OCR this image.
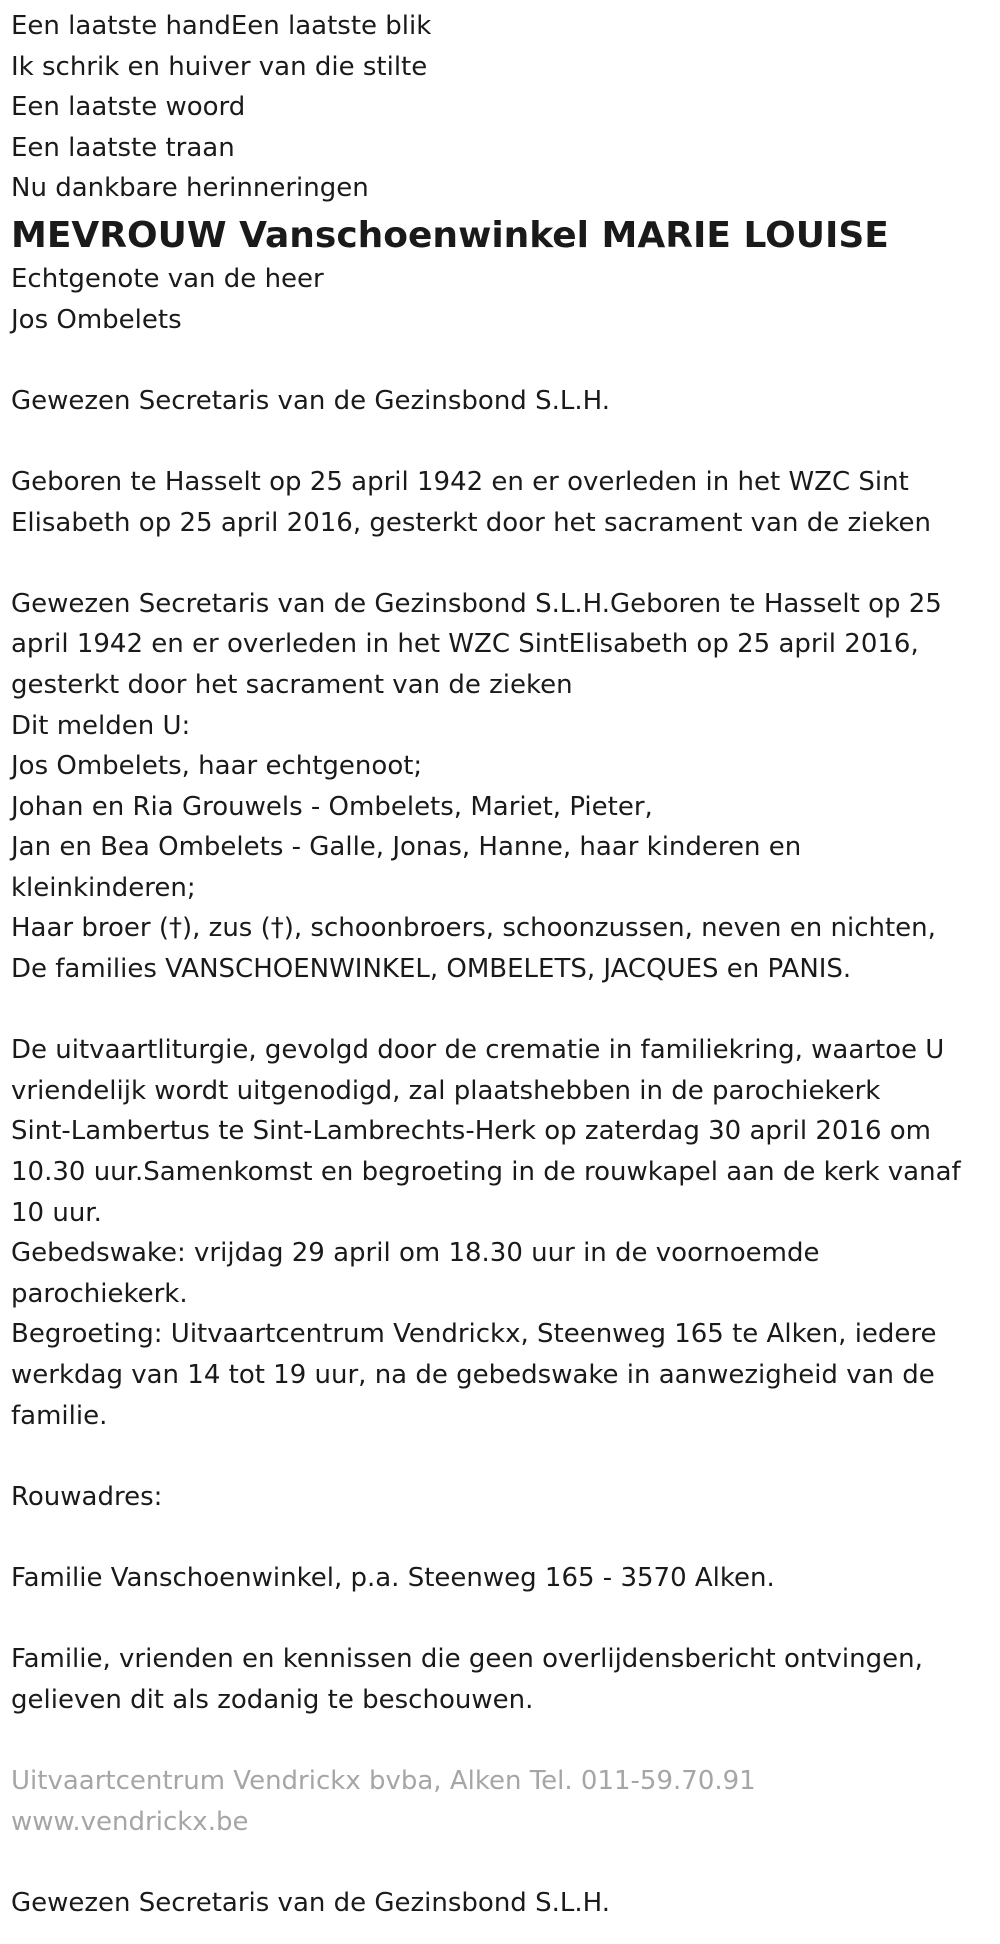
Een laatste handEen laatste blik

Ik schrik en huiver van die stilte

Een laatste woord

Een laatste traan

Nu dankbare herinneringen

MEVROUW Vanschoenwinkel MARIE LOUISE

Echtgenote van de heer

Jos Ombelets

Gewezen Secretaris van de Gezinsbond S.L.H.

Geboren te Hasselt op 25 april 1942 en er overleden in het WZC Sint

Elisabeth op 25 april 2016, gesterkt door het sacrament van de zieken

Gewezen Secretaris van de Gezinsbond S.L.H.Geboren te Hasselt op 25

april 1942 en er overleden in het WZC SintElisabeth op 25 april 2016,

gesterkt door het sacrament van de zieken

Dit melden U:

Jos Ombelets, haar echtgenoot;

Johan en Ria Grouwels - Ombelets, Mariet, Pieter,

Jan en Bea Ombelets - Galle, Jonas, Hanne, haar kinderen en

kleinkinderen;

Haar broer (†), zus (†), schoonbroers, schoonzussen, neven en nichten,

De families VANSCHOENWINKEL, OMBELETS, JACQUES en PANIS.

De uitvaartliturgie, gevolgd door de crematie in familiekring, waartoe U

vriendelijk wordt uitgenodigd, zal plaatshebben in de parochiekerk

Sint-Lambertus te Sint-Lambrechts-Herk op zaterdag 30 april 2016 om

10.30 uur.Samenkomst en begroeting in de rouwkapel aan de kerk vanaf

10 uur.

Gebedswake: vrijdag 29 april om 18.30 uur in de voornoemde

parochiekerk.

Begroeting: Uitvaartcentrum Vendrickx, Steenweg 165 te Alken, iedere

werkdag van 14 tot 19 uur, na de gebedswake in aanwezigheid van de

familie.

Rouwadres:

Familie Vanschoenwinkel, p.a. Steenweg 165 - 3570 Alken.

Familie, vrienden en kennissen die geen overlijdensbericht ontvingen,

gelieven dit als zodanig te beschouwen.

Uitvaartcentrum Vendrickx bvba, Alken Tel. 011-59.70.91

www.vendrickx.be

Gewezen Secretaris van de Gezinsbond S.L.H.
